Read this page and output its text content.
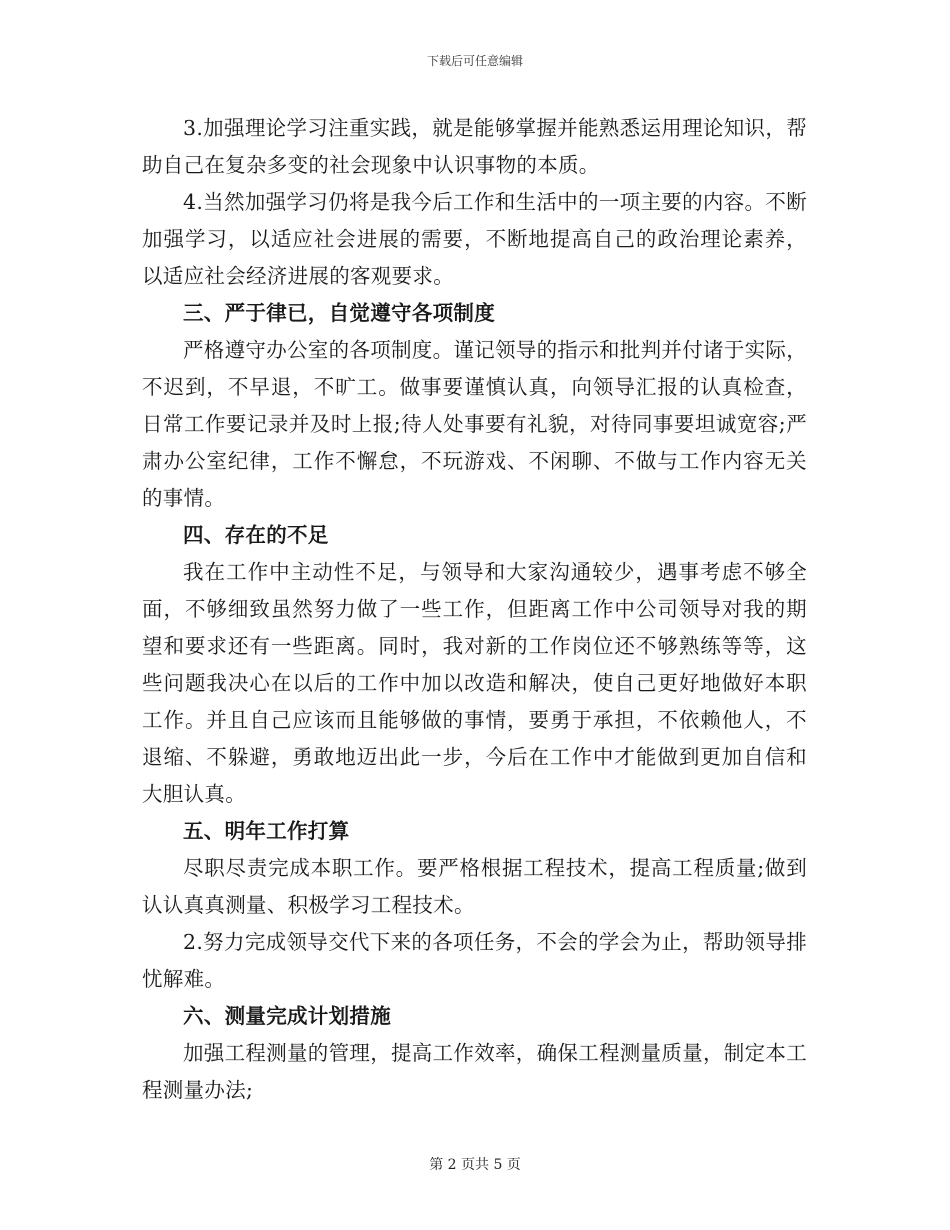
下载后可任意编辑

3.加强理论学习注重实践，就是能够掌握并能熟悉运用理论知识，帮助自己在复杂多变的社会现象中认识事物的本质。

4.当然加强学习仍将是我今后工作和生活中的一项主要的内容。不断加强学习，以适应社会进展的需要，不断地提高自己的政治理论素养，以适应社会经济进展的客观要求。

三、严于律已，自觉遵守各项制度

严格遵守办公室的各项制度。谨记领导的指示和批判并付诸于实际，不迟到，不早退，不旷工。做事要谨慎认真，向领导汇报的认真检查，日常工作要记录并及时上报;待人处事要有礼貌，对待同事要坦诚宽容;严肃办公室纪律，工作不懈怠，不玩游戏、不闲聊、不做与工作内容无关的事情。

四、存在的不足

我在工作中主动性不足，与领导和大家沟通较少，遇事考虑不够全面，不够细致虽然努力做了一些工作，但距离工作中公司领导对我的期望和要求还有一些距离。同时，我对新的工作岗位还不够熟练等等，这些问题我决心在以后的工作中加以改造和解决，使自己更好地做好本职工作。并且自己应该而且能够做的事情，要勇于承担，不依赖他人，不退缩、不躲避，勇敢地迈出此一步，今后在工作中才能做到更加自信和大胆认真。

五、明年工作打算

尽职尽责完成本职工作。要严格根据工程技术，提高工程质量;做到认认真真测量、积极学习工程技术。

2.努力完成领导交代下来的各项任务，不会的学会为止，帮助领导排忧解难。

六、测量完成计划措施

加强工程测量的管理，提高工作效率，确保工程测量质量，制定本工程测量办法;

第 2 页共 5 页
